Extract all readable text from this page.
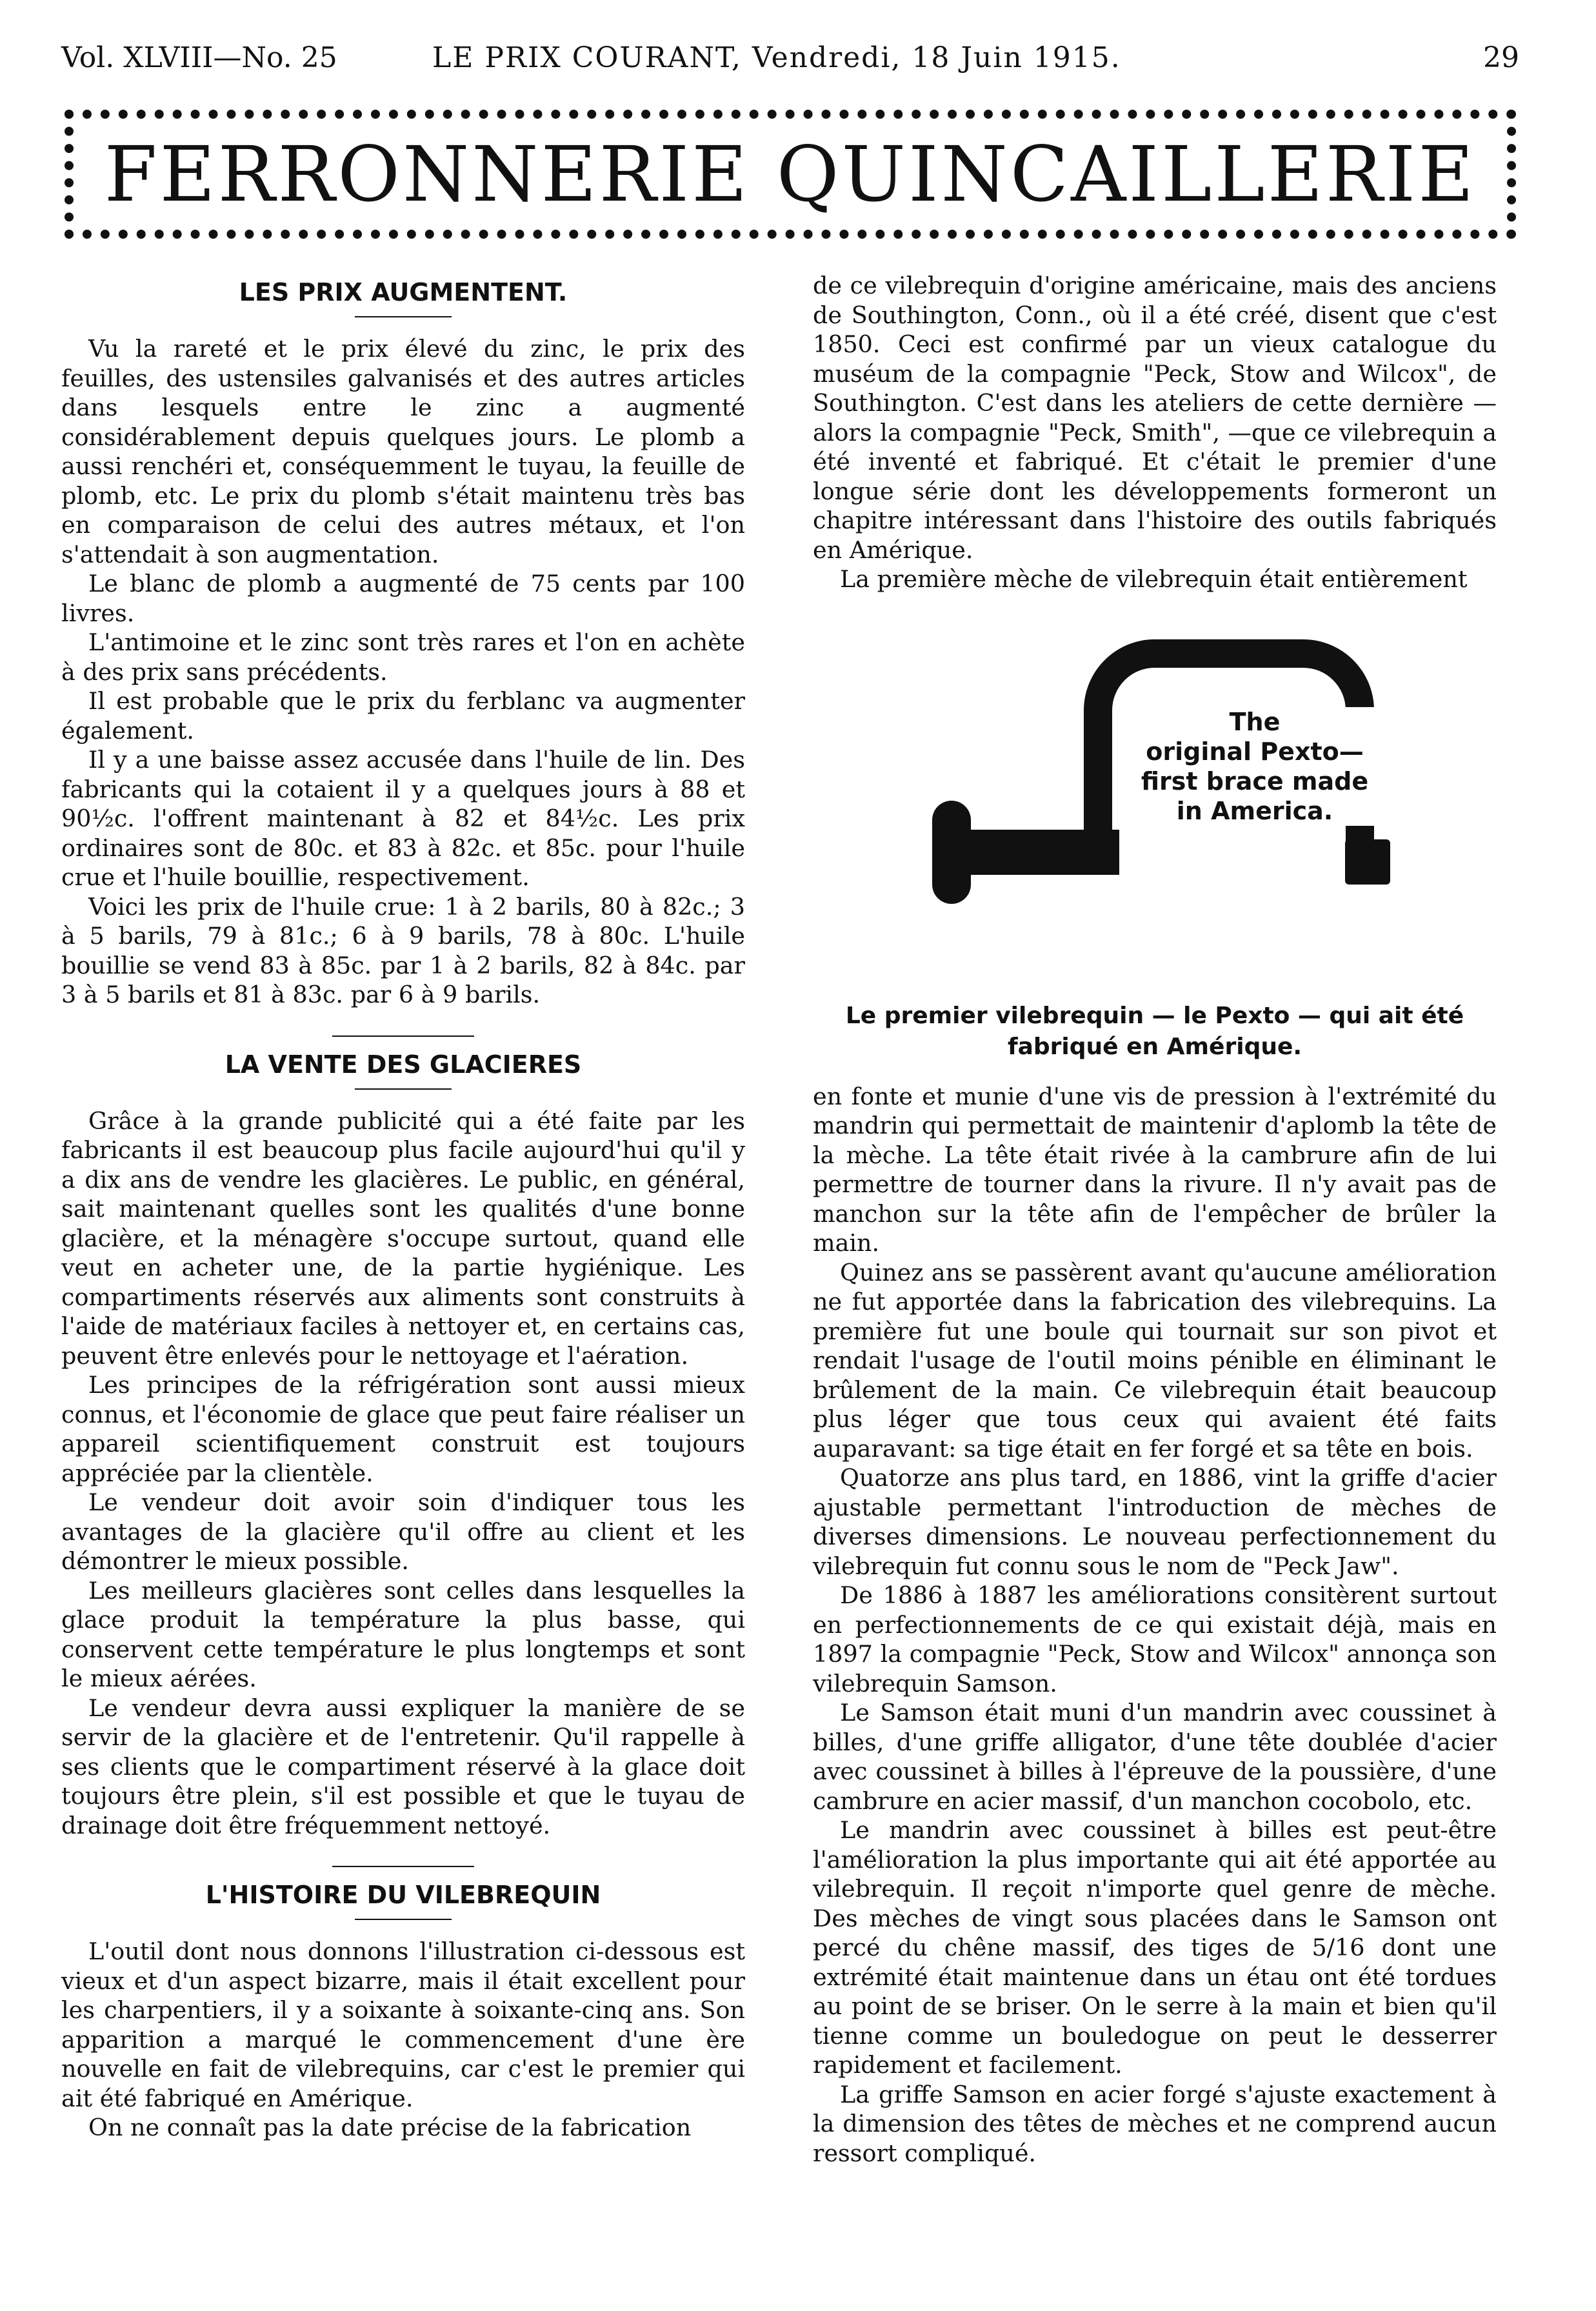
Vol. XLVIII—No. 25	LE PRIX COURANT, Vendredi, 18 Juin 1915.	29
FERRONNERIE QUINCAILLERIE
LES PRIX AUGMENTENT.

Vu la rareté et le prix élevé du zinc, le prix des feuilles, des ustensiles galvanisés et des autres articles dans lesquels entre le zinc a augmenté considérablement depuis quelques jours. Le plomb a aussi renchéri et, conséquemment le tuyau, la feuille de plomb, etc. Le prix du plomb s'était maintenu très bas en comparaison de celui des autres métaux, et l'on s'attendait à son augmentation.

Le blanc de plomb a augmenté de 75 cents par 100 livres.

L'antimoine et le zinc sont très rares et l'on en achète à des prix sans précédents.

Il est probable que le prix du ferblanc va augmenter également.

Il y a une baisse assez accusée dans l'huile de lin. Des fabricants qui la cotaient il y a quelques jours à 88 et 90½c. l'offrent maintenant à 82 et 84½c. Les prix ordinaires sont de 80c. et 83 à 82c. et 85c. pour l'huile crue et l'huile bouillie, respectivement.

Voici les prix de l'huile crue: 1 à 2 barils, 80 à 82c.; 3 à 5 barils, 79 à 81c.; 6 à 9 barils, 78 à 80c. L'huile bouillie se vend 83 à 85c. par 1 à 2 barils, 82 à 84c. par 3 à 5 barils et 81 à 83c. par 6 à 9 barils.

LA VENTE DES GLACIERES

Grâce à la grande publicité qui a été faite par les fabricants il est beaucoup plus facile aujourd'hui qu'il y a dix ans de vendre les glacières. Le public, en général, sait maintenant quelles sont les qualités d'une bonne glacière, et la ménagère s'occupe surtout, quand elle veut en acheter une, de la partie hygiénique. Les compartiments réservés aux aliments sont construits à l'aide de matériaux faciles à nettoyer et, en certains cas, peuvent être enlevés pour le nettoyage et l'aération.

Les principes de la réfrigération sont aussi mieux connus, et l'économie de glace que peut faire réaliser un appareil scientifiquement construit est toujours appréciée par la clientèle.

Le vendeur doit avoir soin d'indiquer tous les avantages de la glacière qu'il offre au client et les démontrer le mieux possible.

Les meilleurs glacières sont celles dans lesquelles la glace produit la température la plus basse, qui conservent cette température le plus longtemps et sont le mieux aérées.

Le vendeur devra aussi expliquer la manière de se servir de la glacière et de l'entretenir. Qu'il rappelle à ses clients que le compartiment réservé à la glace doit toujours être plein, s'il est possible et que le tuyau de drainage doit être fréquemment nettoyé.

L'HISTOIRE DU VILEBREQUIN

L'outil dont nous donnons l'illustration ci-dessous est vieux et d'un aspect bizarre, mais il était excellent pour les charpentiers, il y a soixante à soixante-cinq ans. Son apparition a marqué le commencement d'une ère nouvelle en fait de vilebrequins, car c'est le premier qui ait été fabriqué en Amérique.

On ne connaît pas la date précise de la fabrication

de ce vilebrequin d'origine américaine, mais des anciens de Southington, Conn., où il a été créé, disent que c'est 1850. Ceci est confirmé par un vieux catalogue du muséum de la compagnie "Peck, Stow and Wilcox", de Southington. C'est dans les ateliers de cette dernière — alors la compagnie "Peck, Smith", —que ce vilebrequin a été inventé et fabriqué. Et c'était le premier d'une longue série dont les développements formeront un chapitre intéressant dans l'histoire des outils fabriqués en Amérique.

La première mèche de vilebrequin était entièrement

The
original Pexto—
first brace made
in America.
Le premier vilebrequin — le Pexto — qui ait été fabriqué en Amérique.

en fonte et munie d'une vis de pression à l'extrémité du mandrin qui permettait de maintenir d'aplomb la tête de la mèche. La tête était rivée à la cambrure afin de lui permettre de tourner dans la rivure. Il n'y avait pas de manchon sur la tête afin de l'empêcher de brûler la main.

Quinez ans se passèrent avant qu'aucune amélioration ne fut apportée dans la fabrication des vilebrequins. La première fut une boule qui tournait sur son pivot et rendait l'usage de l'outil moins pénible en éliminant le brûlement de la main. Ce vilebrequin était beaucoup plus léger que tous ceux qui avaient été faits auparavant: sa tige était en fer forgé et sa tête en bois.

Quatorze ans plus tard, en 1886, vint la griffe d'acier ajustable permettant l'introduction de mèches de diverses dimensions. Le nouveau perfectionnement du vilebrequin fut connu sous le nom de "Peck Jaw".

De 1886 à 1887 les améliorations consitèrent surtout en perfectionnements de ce qui existait déjà, mais en 1897 la compagnie "Peck, Stow and Wilcox" annonça son vilebrequin Samson.

Le Samson était muni d'un mandrin avec coussinet à billes, d'une griffe alligator, d'une tête doublée d'acier avec coussinet à billes à l'épreuve de la poussière, d'une cambrure en acier massif, d'un manchon cocobolo, etc.

Le mandrin avec coussinet à billes est peut-être l'amélioration la plus importante qui ait été apportée au vilebrequin. Il reçoit n'importe quel genre de mèche. Des mèches de vingt sous placées dans le Samson ont percé du chêne massif, des tiges de 5/16 dont une extrémité était maintenue dans un étau ont été tordues au point de se briser. On le serre à la main et bien qu'il tienne comme un bouledogue on peut le desserrer rapidement et facilement.

La griffe Samson en acier forgé s'ajuste exactement à la dimension des têtes de mèches et ne comprend aucun ressort compliqué.
